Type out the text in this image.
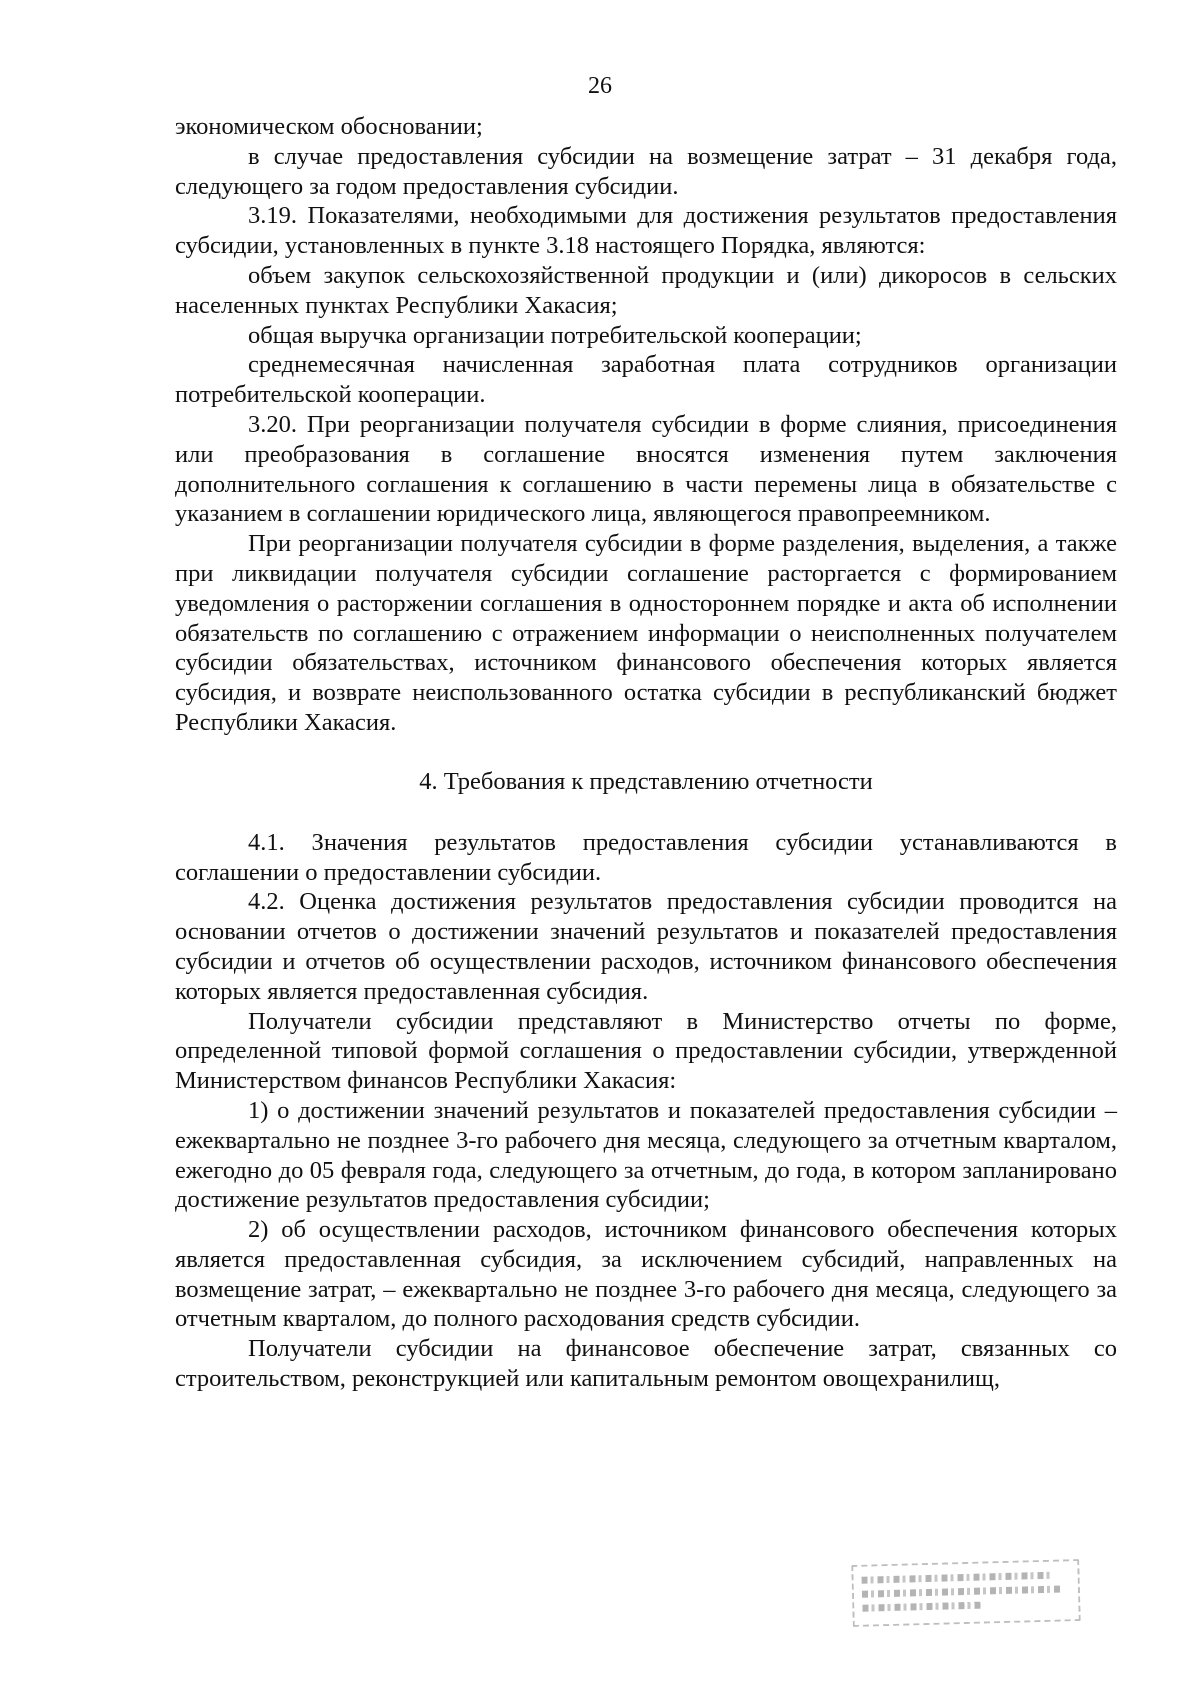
26

экономическом обосновании;

в случае предоставления субсидии на возмещение затрат – 31 декабря года, следующего за годом предоставления субсидии.

3.19. Показателями, необходимыми для достижения результатов предоставления субсидии, установленных в пункте 3.18 настоящего Порядка, являются:

объем закупок сельскохозяйственной продукции и (или) дикоросов в сельских населенных пунктах Республики Хакасия;

общая выручка организации потребительской кооперации;

среднемесячная начисленная заработная плата сотрудников организации потребительской кооперации.

3.20. При реорганизации получателя субсидии в форме слияния, присоединения или преобразования в соглашение вносятся изменения путем заключения дополнительного соглашения к соглашению в части перемены лица в обязательстве с указанием в соглашении юридического лица, являющегося правопреемником.

При реорганизации получателя субсидии в форме разделения, выделения, а также при ликвидации получателя субсидии соглашение расторгается с формированием уведомления о расторжении соглашения в одностороннем порядке и акта об исполнении обязательств по соглашению с отражением информации о неисполненных получателем субсидии обязательствах, источником финансового обеспечения которых является субсидия, и возврате неиспользованного остатка субсидии в республиканский бюджет Республики Хакасия.

4. Требования к представлению отчетности

4.1. Значения результатов предоставления субсидии устанавливаются в соглашении о предоставлении субсидии.

4.2. Оценка достижения результатов предоставления субсидии проводится на основании отчетов о достижении значений результатов и показателей предоставления субсидии и отчетов об осуществлении расходов, источником финансового обеспечения которых является предоставленная субсидия.

Получатели субсидии представляют в Министерство отчеты по форме, определенной типовой формой соглашения о предоставлении субсидии, утвержденной Министерством финансов Республики Хакасия:

1) о достижении значений результатов и показателей предоставления субсидии – ежеквартально не позднее 3-го рабочего дня месяца, следующего за отчетным кварталом, ежегодно до 05 февраля года, следующего за отчетным, до года, в котором запланировано достижение результатов предоставления субсидии;

2) об осуществлении расходов, источником финансового обеспечения которых является предоставленная субсидия, за исключением субсидий, направленных на возмещение затрат, – ежеквартально не позднее 3-го рабочего дня месяца, следующего за отчетным кварталом, до полного расходования средств субсидии.

Получатели субсидии на финансовое обеспечение затрат, связанных со строительством, реконструкцией или капитальным ремонтом овощехранилищ,
